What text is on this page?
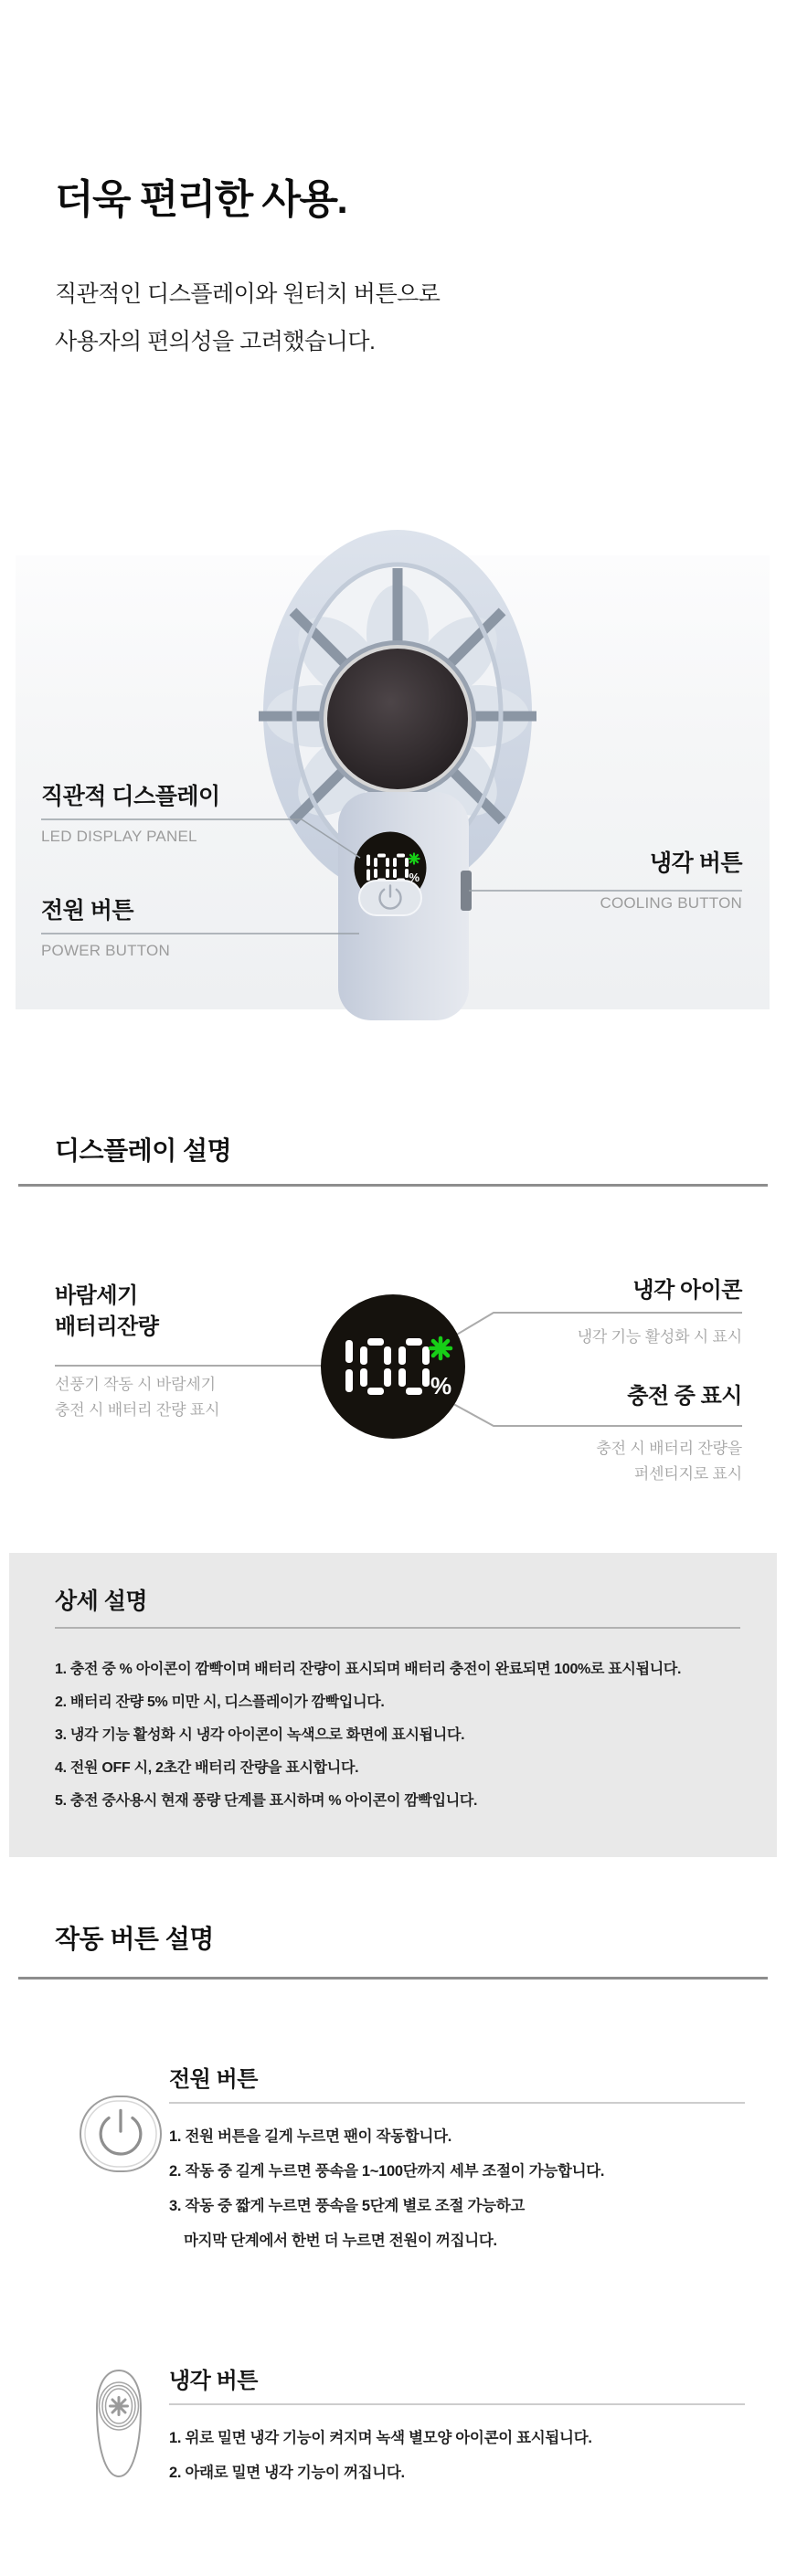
더욱 편리한 사용.
직관적인 디스플레이와 원터치 버튼으로
사용자의 편의성을 고려했습니다.
직관적 디스플레이
LED DISPLAY PANEL
전원 버튼
POWER BUTTON
냉각 버튼
COOLING BUTTON
디스플레이 설명
바람세기
배터리잔량
선풍기 작동 시 바람세기
충전 시 배터리 잔량 표시
냉각 아이콘
냉각 기능 활성화 시 표시
충전 중 표시
충전 시 배터리 잔량을
퍼센티지로 표시
상세 설명
1. 충전 중 % 아이콘이 깜빡이며 배터리 잔량이 표시되며 배터리 충전이 완료되면 100%로 표시됩니다.
2. 배터리 잔량 5% 미만 시, 디스플레이가 깜빡입니다.
3. 냉각 기능 활성화 시 냉각 아이콘이 녹색으로 화면에 표시됩니다.
4. 전원 OFF 시, 2초간 배터리 잔량을 표시합니다.
5. 충전 중사용시 현재 풍량 단계를 표시하며 % 아이콘이 깜빡입니다.
작동 버튼 설명
전원 버튼
1. 전원 버튼을 길게 누르면 팬이 작동합니다.
2. 작동 중 길게 누르면 풍속을 1~100단까지 세부 조절이 가능합니다.
3. 작동 중 짧게 누르면 풍속을 5단계 별로 조절 가능하고
마지막 단계에서 한번 더 누르면 전원이 꺼집니다.
냉각 버튼
1. 위로 밀면 냉각 기능이 켜지며 녹색 별모양 아이콘이 표시됩니다.
2. 아래로 밀면 냉각 기능이 꺼집니다.
